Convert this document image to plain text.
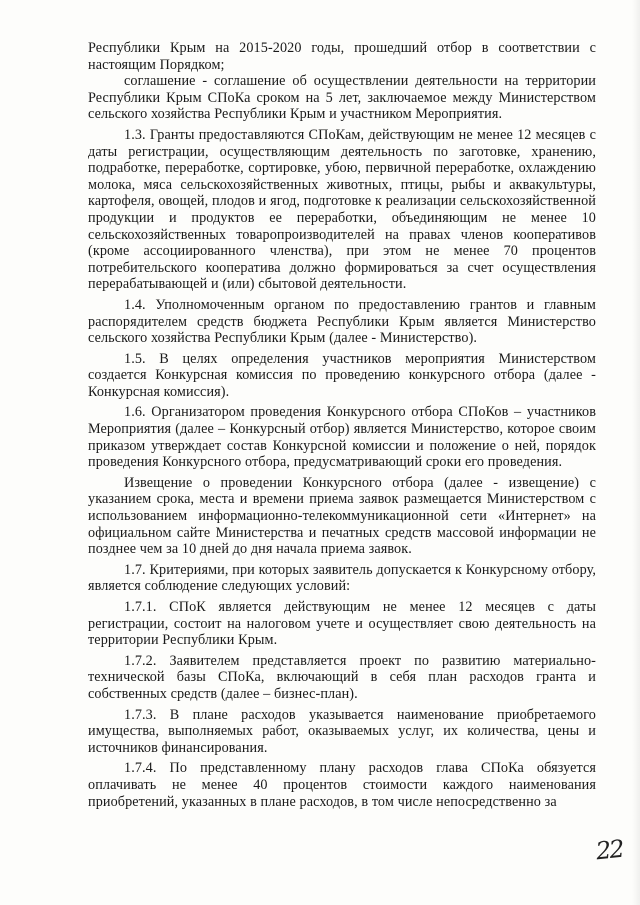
Республики Крым на 2015-2020 годы, прошедший отбор в соответствии с настоящим Порядком;

соглашение - соглашение об осуществлении деятельности на территории Республики Крым СПоКа сроком на 5 лет, заключаемое между Министерством сельского хозяйства Республики Крым и участником Мероприятия.

1.3. Гранты предоставляются СПоКам, действующим не менее 12 месяцев с даты регистрации, осуществляющим деятельность по заготовке, хранению, подработке, переработке, сортировке, убою, первичной переработке, охлаждению молока, мяса сельскохозяйственных животных, птицы, рыбы и аквакультуры, картофеля, овощей, плодов и ягод, подготовке к реализации сельскохозяйственной продукции и продуктов ее переработки, объединяющим не менее 10 сельскохозяйственных товаропроизводителей на правах членов кооперативов (кроме ассоциированного членства), при этом не менее 70 процентов потребительского кооператива должно формироваться за счет осуществления перерабатывающей и (или) сбытовой деятельности.

1.4. Уполномоченным органом по предоставлению грантов и главным распорядителем средств бюджета Республики Крым является Министерство сельского хозяйства Республики Крым (далее - Министерство).

1.5. В целях определения участников мероприятия Министерством создается Конкурсная комиссия по проведению конкурсного отбора (далее - Конкурсная комиссия).

1.6. Организатором проведения Конкурсного отбора СПоКов – участников Мероприятия (далее – Конкурсный отбор) является Министерство, которое своим приказом утверждает состав Конкурсной комиссии и положение о ней, порядок проведения Конкурсного отбора, предусматривающий сроки его проведения.

Извещение о проведении Конкурсного отбора (далее - извещение) с указанием срока, места и времени приема заявок размещается Министерством с использованием информационно-телекоммуникационной сети «Интернет» на официальном сайте Министерства и печатных средств массовой информации не позднее чем за 10 дней до дня начала приема заявок.

1.7. Критериями, при которых заявитель допускается к Конкурсному отбору, является соблюдение следующих условий:

1.7.1. СПоК является действующим не менее 12 месяцев с даты регистрации, состоит на налоговом учете и осуществляет свою деятельность на территории Республики Крым.

1.7.2. Заявителем представляется проект по развитию материально-технической базы СПоКа, включающий в себя план расходов гранта и собственных средств (далее – бизнес-план).

1.7.3. В плане расходов указывается наименование приобретаемого имущества, выполняемых работ, оказываемых услуг, их количества, цены и источников финансирования.

1.7.4. По представленному плану расходов глава СПоКа обязуется оплачивать не менее 40 процентов стоимости каждого наименования приобретений, указанных в плане расходов, в том числе непосредственно за

22
